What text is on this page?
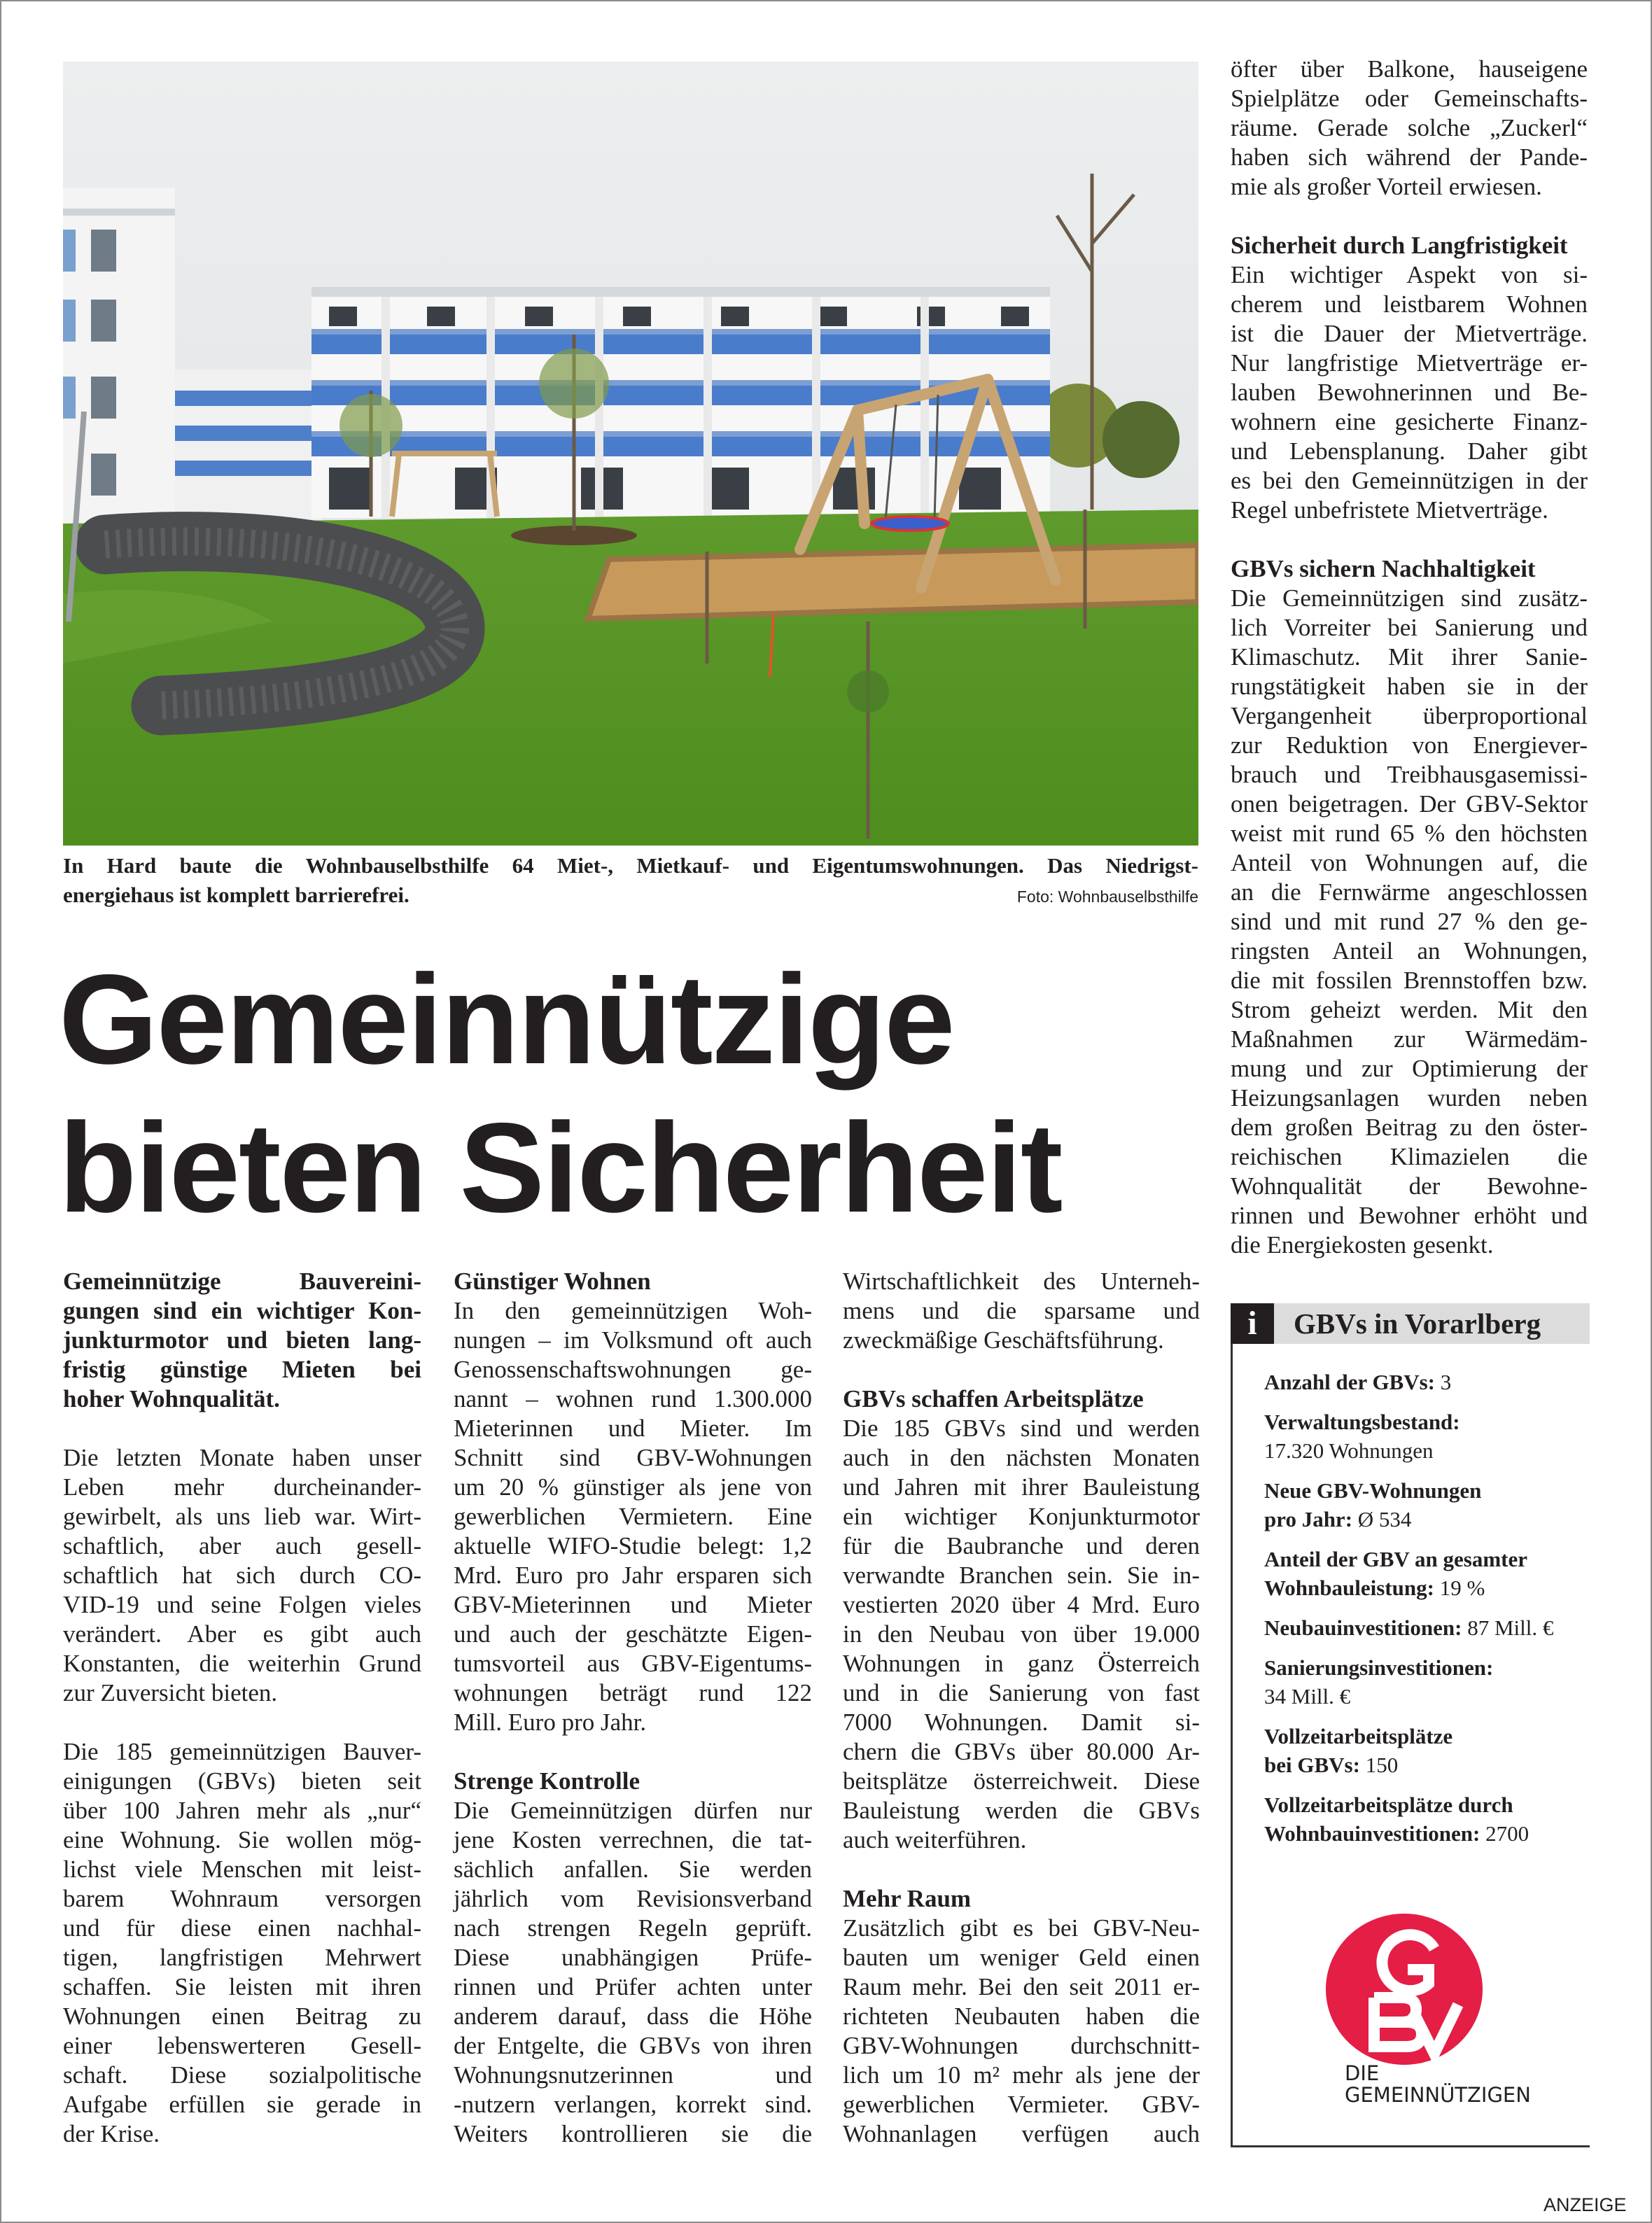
In Hard baute die Wohnbauselbsthilfe 64 Miet-, Mietkauf- und Eigentumswohnungen. Das Niedrigst-
energiehaus ist komplett barrierefrei.	Foto: Wohnbauselbsthilfe
Gemeinnützige
bieten Sicherheit
Gemeinnützige Bauvereini-
gungen sind ein wichtiger Kon-
junkturmotor und bieten lang-
fristig günstige Mieten bei
hoher Wohnqualität.
Die letzten Monate haben unser
Leben mehr durcheinander-
gewirbelt, als uns lieb war. Wirt-
schaftlich, aber auch gesell-
schaftlich hat sich durch CO-
VID-19 und seine Folgen vieles
verändert. Aber es gibt auch
Konstanten, die weiterhin Grund
zur Zuversicht bieten.
Die 185 gemeinnützigen Bauver-
einigungen (GBVs) bieten seit
über 100 Jahren mehr als „nur“
eine Wohnung. Sie wollen mög-
lichst viele Menschen mit leist-
barem Wohnraum versorgen
und für diese einen nachhal-
tigen, langfristigen Mehrwert
schaffen. Sie leisten mit ihren
Wohnungen einen Beitrag zu
einer lebenswerteren Gesell-
schaft. Diese sozialpolitische
Aufgabe erfüllen sie gerade in
der Krise.
Günstiger Wohnen
In den gemeinnützigen Woh-
nungen – im Volksmund oft auch
Genossenschaftswohnungen ge-
nannt – wohnen rund 1.300.000
Mieterinnen und Mieter. Im
Schnitt sind GBV-Wohnungen
um 20 % günstiger als jene von
gewerblichen Vermietern. Eine
aktuelle WIFO-Studie belegt: 1,2
Mrd. Euro pro Jahr ersparen sich
GBV-Mieterinnen und Mieter
und auch der geschätzte Eigen-
tumsvorteil aus GBV-Eigentums-
wohnungen beträgt rund 122
Mill. Euro pro Jahr.
Strenge Kontrolle
Die Gemeinnützigen dürfen nur
jene Kosten verrechnen, die tat-
sächlich anfallen. Sie werden
jährlich vom Revisionsverband
nach strengen Regeln geprüft.
Diese unabhängigen Prüfe-
rinnen und Prüfer achten unter
anderem darauf, dass die Höhe
der Entgelte, die GBVs von ihren
Wohnungsnutzerinnen und
-nutzern verlangen, korrekt sind.
Weiters kontrollieren sie die
Wirtschaftlichkeit des Unterneh-
mens und die sparsame und
zweckmäßige Geschäftsführung.
GBVs schaffen Arbeitsplätze
Die 185 GBVs sind und werden
auch in den nächsten Monaten
und Jahren mit ihrer Bauleistung
ein wichtiger Konjunkturmotor
für die Baubranche und deren
verwandte Branchen sein. Sie in-
vestierten 2020 über 4 Mrd. Euro
in den Neubau von über 19.000
Wohnungen in ganz Österreich
und in die Sanierung von fast
7000 Wohnungen. Damit si-
chern die GBVs über 80.000 Ar-
beitsplätze österreichweit. Diese
Bauleistung werden die GBVs
auch weiterführen.
Mehr Raum
Zusätzlich gibt es bei GBV-Neu-
bauten um weniger Geld einen
Raum mehr. Bei den seit 2011 er-
richteten Neubauten haben die
GBV-Wohnungen durchschnitt-
lich um 10 m² mehr als jene der
gewerblichen Vermieter. GBV-
Wohnanlagen verfügen auch
öfter über Balkone, hauseigene
Spielplätze oder Gemeinschafts-
räume. Gerade solche „Zuckerl“
haben sich während der Pande-
mie als großer Vorteil erwiesen.
Sicherheit durch Langfristigkeit
Ein wichtiger Aspekt von si-
cherem und leistbarem Wohnen
ist die Dauer der Mietverträge.
Nur langfristige Mietverträge er-
lauben Bewohnerinnen und Be-
wohnern eine gesicherte Finanz-
und Lebensplanung. Daher gibt
es bei den Gemeinnützigen in der
Regel unbefristete Mietverträge.
GBVs sichern Nachhaltigkeit
Die Gemeinnützigen sind zusätz-
lich Vorreiter bei Sanierung und
Klimaschutz. Mit ihrer Sanie-
rungstätigkeit haben sie in der
Vergangenheit überproportional
zur Reduktion von Energiever-
brauch und Treibhausgasemissi-
onen beigetragen. Der GBV-Sektor
weist mit rund 65 % den höchsten
Anteil von Wohnungen auf, die
an die Fernwärme angeschlossen
sind und mit rund 27 % den ge-
ringsten Anteil an Wohnungen,
die mit fossilen Brennstoffen bzw.
Strom geheizt werden. Mit den
Maßnahmen zur Wärmedäm-
mung und zur Optimierung der
Heizungsanlagen wurden neben
dem großen Beitrag zu den öster-
reichischen Klimazielen die
Wohnqualität der Bewohne-
rinnen und Bewohner erhöht und
die Energiekosten gesenkt.
i	GBVs in Vorarlberg
Anzahl der GBVs: 3
Verwaltungsbestand:
17.320 Wohnungen
Neue GBV-Wohnungen
pro Jahr: Ø 534
Anteil der GBV an gesamter
Wohnbauleistung: 19 %
Neubauinvestitionen: 87 Mill. €
Sanierungsinvestitionen:
34 Mill. €
Vollzeitarbeitsplätze
bei GBVs: 150
Vollzeitarbeitsplätze durch
Wohnbauinvestitionen: 2700
DIE
GEMEINNÜTZIGEN
ANZEIGE
